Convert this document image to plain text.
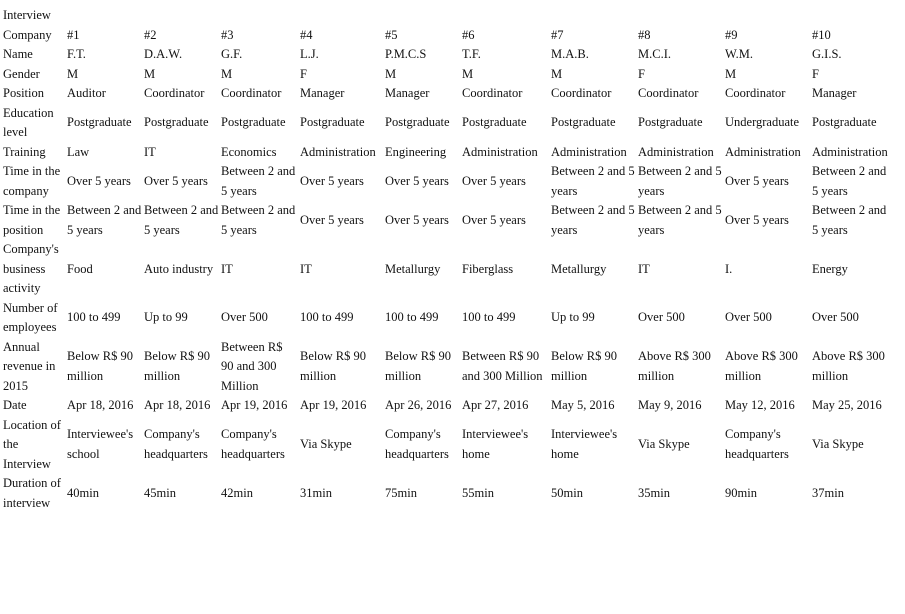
Interview										
Company	#1	#2	#3	#4	#5	#6	#7	#8	#9	#10
Name	F.T.	D.A.W.	G.F.	L.J.	P.M.C.S	T.F.	M.A.B.	M.C.I.	W.M.	G.I.S.
Gender	M	M	M	F	M	M	M	F	M	F
Position	Auditor	Coordinator	Coordinator	Manager	Manager	Coordinator	Coordinator	Coordinator	Coordinator	Manager
Education level	Postgraduate	Postgraduate	Postgraduate	Postgraduate	Postgraduate	Postgraduate	Postgraduate	Postgraduate	Undergraduate	Postgraduate
Training	Law	IT	Economics	Administration	Engineering	Administration	Administration	Administration	Administration	Administration
Time in the company	Over 5 years	Over 5 years	Between 2 and 5 years	Over 5 years	Over 5 years	Over 5 years	Between 2 and 5 years	Between 2 and 5 years	Over 5 years	Between 2 and 5 years
Time in the position	Between 2 and 5 years	Between 2 and 5 years	Between 2 and 5 years	Over 5 years	Over 5 years	Over 5 years	Between 2 and 5 years	Between 2 and 5 years	Over 5 years	Between 2 and 5 years
Company's business activity	Food	Auto industry	IT	IT	Metallurgy	Fiberglass	Metallurgy	IT	I.	Energy
Number of employees	100 to 499	Up to 99	Over 500	100 to 499	100 to 499	100 to 499	Up to 99	Over 500	Over 500	Over 500
Annual revenue in 2015	Below R$ 90 million	Below R$ 90 million	Between R$ 90 and 300 Million	Below R$ 90 million	Below R$ 90 million	Between R$ 90 and 300 Million	Below R$ 90 million	Above R$ 300 million	Above R$ 300 million	Above R$ 300 million
Date	Apr 18, 2016	Apr 18, 2016	Apr 19, 2016	Apr 19, 2016	Apr 26, 2016	Apr 27, 2016	May 5, 2016	May 9, 2016	May 12, 2016	May 25, 2016
Location of the Interview	Interviewee's school	Company's headquarters	Company's headquarters	Via Skype	Company's headquarters	Interviewee's home	Interviewee's home	Via Skype	Company's headquarters	Via Skype
Duration of interview	40min	45min	42min	31min	75min	55min	50min	35min	90min	37min
